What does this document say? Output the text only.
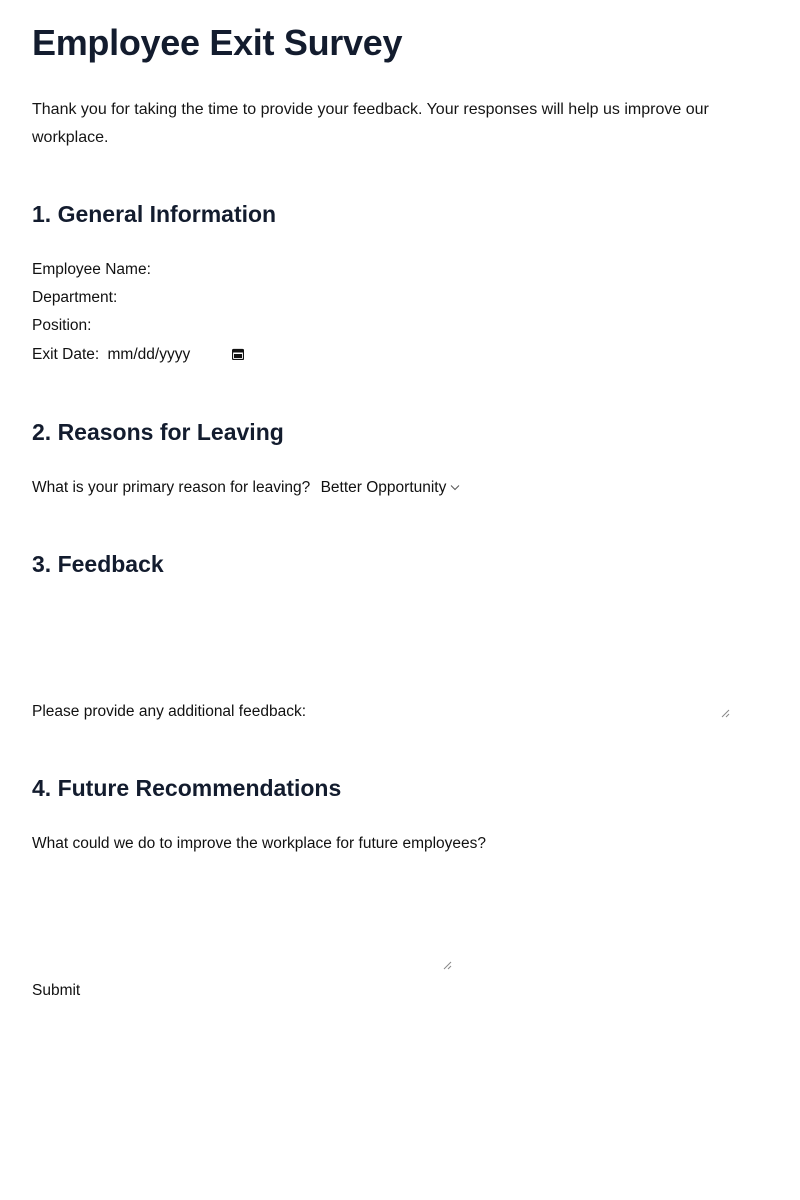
Employee Exit Survey

Thank you for taking the time to provide your feedback. Your responses will help us improve our workplace.

1. General Information
Employee Name:
Department:
Position:
Exit Date: mm/dd/yyyy
2. Reasons for Leaving
What is your primary reason for leaving? Better Opportunity
3. Feedback
Please provide any additional feedback:
4. Future Recommendations
What could we do to improve the workplace for future employees?
Submit
